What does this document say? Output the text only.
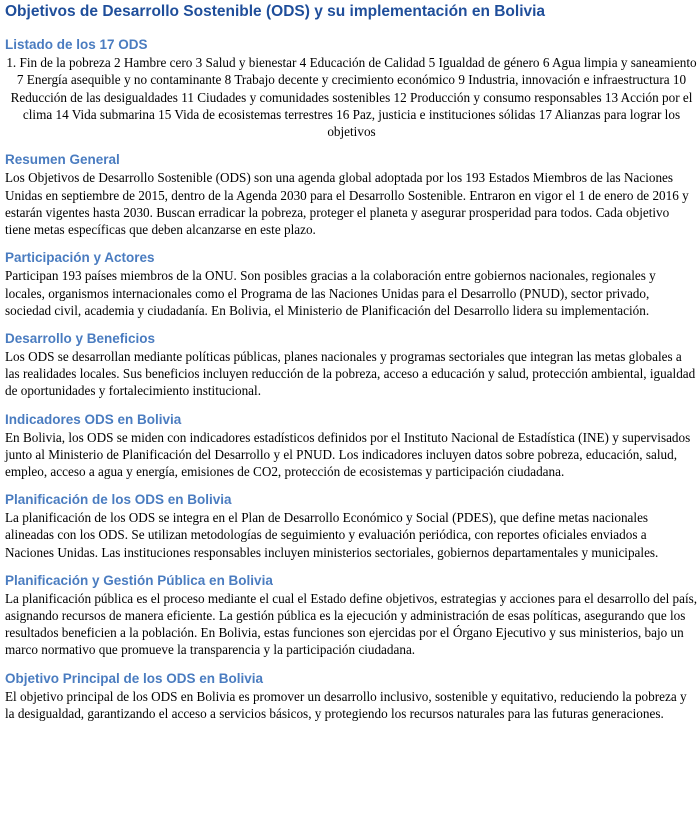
Objetivos de Desarrollo Sostenible (ODS) y su implementación en Bolivia
Listado de los 17 ODS

1. Fin de la pobreza 2 Hambre cero 3 Salud y bienestar 4 Educación de Calidad 5 Igualdad de género 6 Agua limpia y saneamiento7 Energía asequible y no contaminante 8 Trabajo decente y crecimiento económico 9 Industria, innovación e infraestructura 10 Reducción de las desigualdades 11 Ciudades y comunidades sostenibles 12 Producción y consumo responsables 13 Acción por el clima 14 Vida submarina 15 Vida de ecosistemas terrestres 16 Paz, justicia e instituciones sólidas 17 Alianzas para lograr los objetivos

Resumen General

Los Objetivos de Desarrollo Sostenible (ODS) son una agenda global adoptada por los 193 Estados Miembros de las Naciones Unidas en septiembre de 2015, dentro de la Agenda 2030 para el Desarrollo Sostenible. Entraron en vigor el 1 de enero de 2016 y estarán vigentes hasta 2030. Buscan erradicar la pobreza, proteger el planeta y asegurar prosperidad para todos. Cada objetivo tiene metas específicas que deben alcanzarse en este plazo.

Participación y Actores

Participan 193 países miembros de la ONU. Son posibles gracias a la colaboración entre gobiernos nacionales, regionales y locales, organismos internacionales como el Programa de las Naciones Unidas para el Desarrollo (PNUD), sector privado, sociedad civil, academia y ciudadanía. En Bolivia, el Ministerio de Planificación del Desarrollo lidera su implementación.

Desarrollo y Beneficios

Los ODS se desarrollan mediante políticas públicas, planes nacionales y programas sectoriales que integran las metas globales a las realidades locales. Sus beneficios incluyen reducción de la pobreza, acceso a educación y salud, protección ambiental, igualdad de oportunidades y fortalecimiento institucional.

Indicadores ODS en Bolivia

En Bolivia, los ODS se miden con indicadores estadísticos definidos por el Instituto Nacional de Estadística (INE) y supervisados junto al Ministerio de Planificación del Desarrollo y el PNUD. Los indicadores incluyen datos sobre pobreza, educación, salud, empleo, acceso a agua y energía, emisiones de CO2, protección de ecosistemas y participación ciudadana.

Planificación de los ODS en Bolivia

La planificación de los ODS se integra en el Plan de Desarrollo Económico y Social (PDES), que define metas nacionales alineadas con los ODS. Se utilizan metodologías de seguimiento y evaluación periódica, con reportes oficiales enviados a Naciones Unidas. Las instituciones responsables incluyen ministerios sectoriales, gobiernos departamentales y municipales.

Planificación y Gestión Pública en Bolivia

La planificación pública es el proceso mediante el cual el Estado define objetivos, estrategias y acciones para el desarrollo del país, asignando recursos de manera eficiente. La gestión pública es la ejecución y administración de esas políticas, asegurando que los resultados beneficien a la población. En Bolivia, estas funciones son ejercidas por el Órgano Ejecutivo y sus ministerios, bajo un marco normativo que promueve la transparencia y la participación ciudadana.

Objetivo Principal de los ODS en Bolivia

El objetivo principal de los ODS en Bolivia es promover un desarrollo inclusivo, sostenible y equitativo, reduciendo la pobreza y la desigualdad, garantizando el acceso a servicios básicos, y protegiendo los recursos naturales para las futuras generaciones.
